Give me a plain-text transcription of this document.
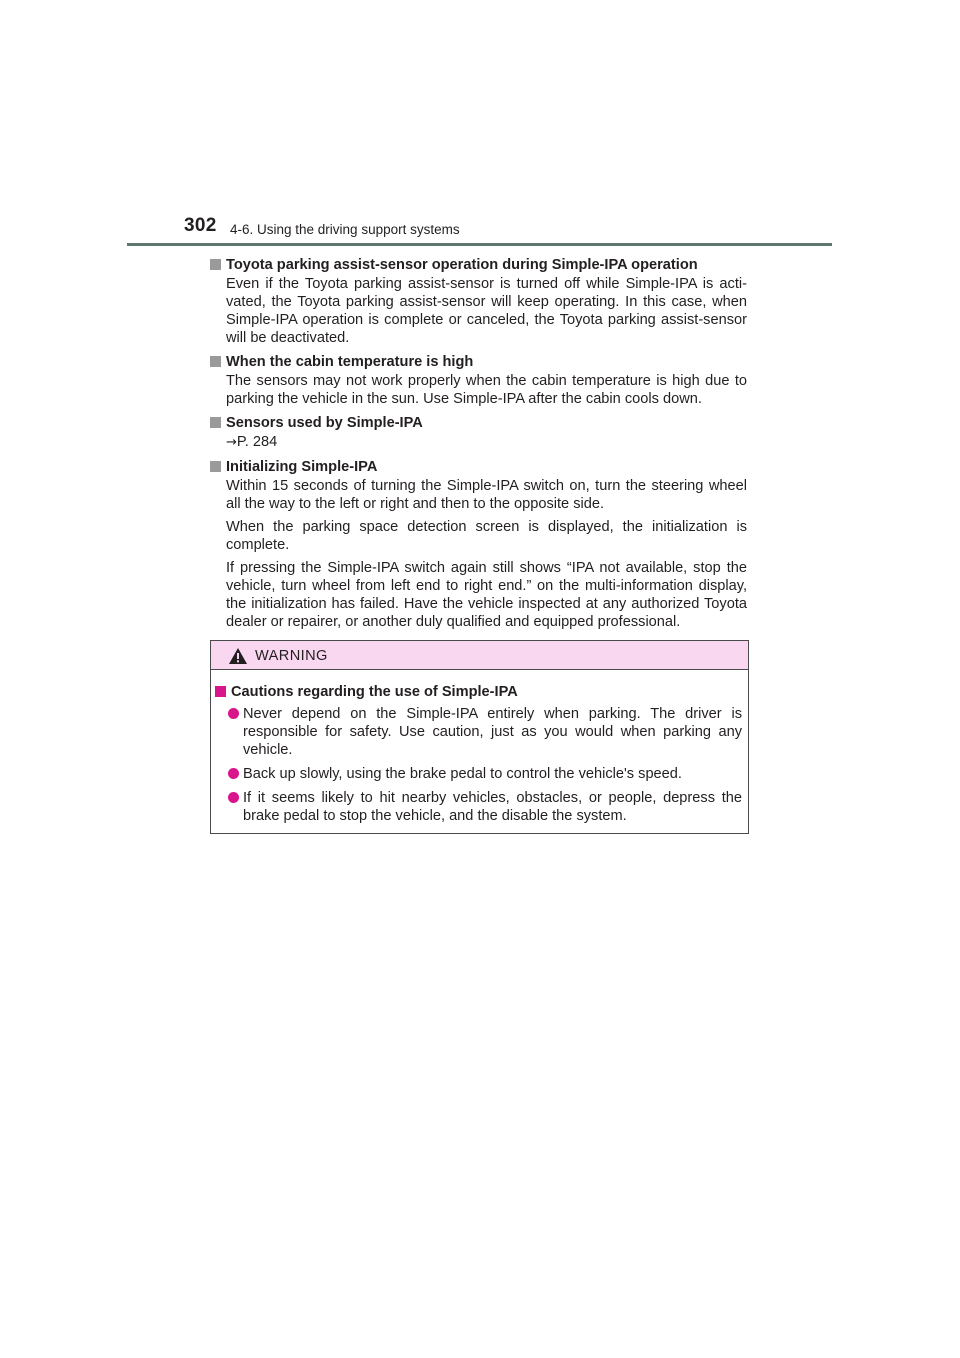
302 4-6. Using the driving support systems
Toyota parking assist-sensor operation during Simple-IPA operation
Even if the Toyota parking assist-sensor is turned off while Simple-IPA is acti-vated, the Toyota parking assist-sensor will keep operating. In this case, when Simple-IPA operation is complete or canceled, the Toyota parking assist-sensor will be deactivated.
When the cabin temperature is high
The sensors may not work properly when the cabin temperature is high due to parking the vehicle in the sun. Use Simple-IPA after the cabin cools down.
Sensors used by Simple-IPA
→P. 284
Initializing Simple-IPA
Within 15 seconds of turning the Simple-IPA switch on, turn the steering wheel all the way to the left or right and then to the opposite side.
When the parking space detection screen is displayed, the initialization is complete.
If pressing the Simple-IPA switch again still shows “IPA not available, stop the vehicle, turn wheel from left end to right end.” on the multi-information display, the initialization has failed. Have the vehicle inspected at any authorized Toyota dealer or repairer, or another duly qualified and equipped professional.
WARNING
Cautions regarding the use of Simple-IPA
Never depend on the Simple-IPA entirely when parking. The driver is responsible for safety. Use caution, just as you would when parking any vehicle.
Back up slowly, using the brake pedal to control the vehicle's speed.
If it seems likely to hit nearby vehicles, obstacles, or people, depress the brake pedal to stop the vehicle, and the disable the system.
